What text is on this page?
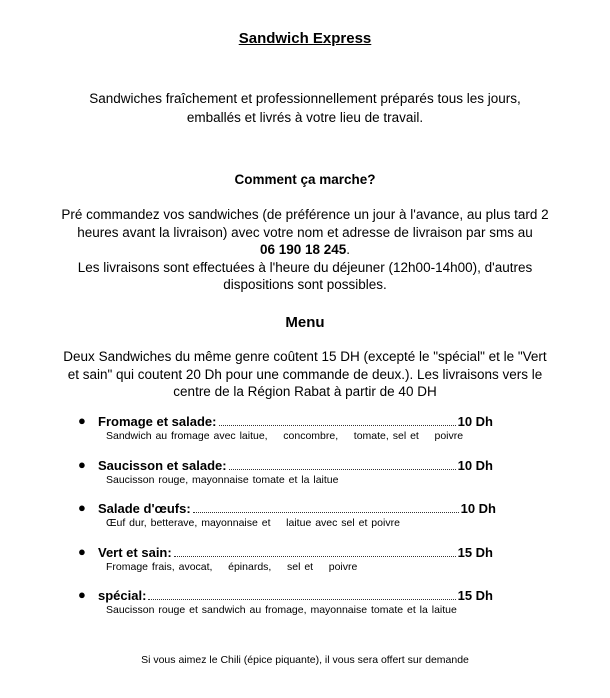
Sandwich Express
Sandwiches fraîchement et professionnellement préparés tous les jours,
emballés et livrés à votre lieu de travail.
Comment ça marche?
Pré commandez vos sandwiches (de préférence un jour à l'avance, au plus tard 2
heures avant la livraison) avec votre nom et adresse de livraison par sms au
06 190 18 245.
Les livraisons sont effectuées à l'heure du déjeuner (12h00-14h00), d'autres
dispositions sont possibles.
Menu
Deux Sandwiches du même genre coûtent 15 DH (excepté le "spécial" et le "Vert
et sain" qui coutent 20 Dh pour une commande de deux.). Les livraisons vers le
centre de la Région Rabat à partir de 40 DH
● Fromage et salade:	10 Dh
Sandwich au fromage avec laitue,    concombre,    tomate, sel et    poivre
● Saucisson et salade:	10 Dh
Saucisson rouge, mayonnaise tomate et la laitue
● Salade d'œufs:	10 Dh
Œuf dur, betterave, mayonnaise et    laitue avec sel et poivre
● Vert et sain:	15 Dh
Fromage frais, avocat,    épinards,    sel et    poivre
● spécial:	15 Dh
Saucisson rouge et sandwich au fromage, mayonnaise tomate et la laitue
Si vous aimez le Chili (épice piquante), il vous sera offert sur demande
